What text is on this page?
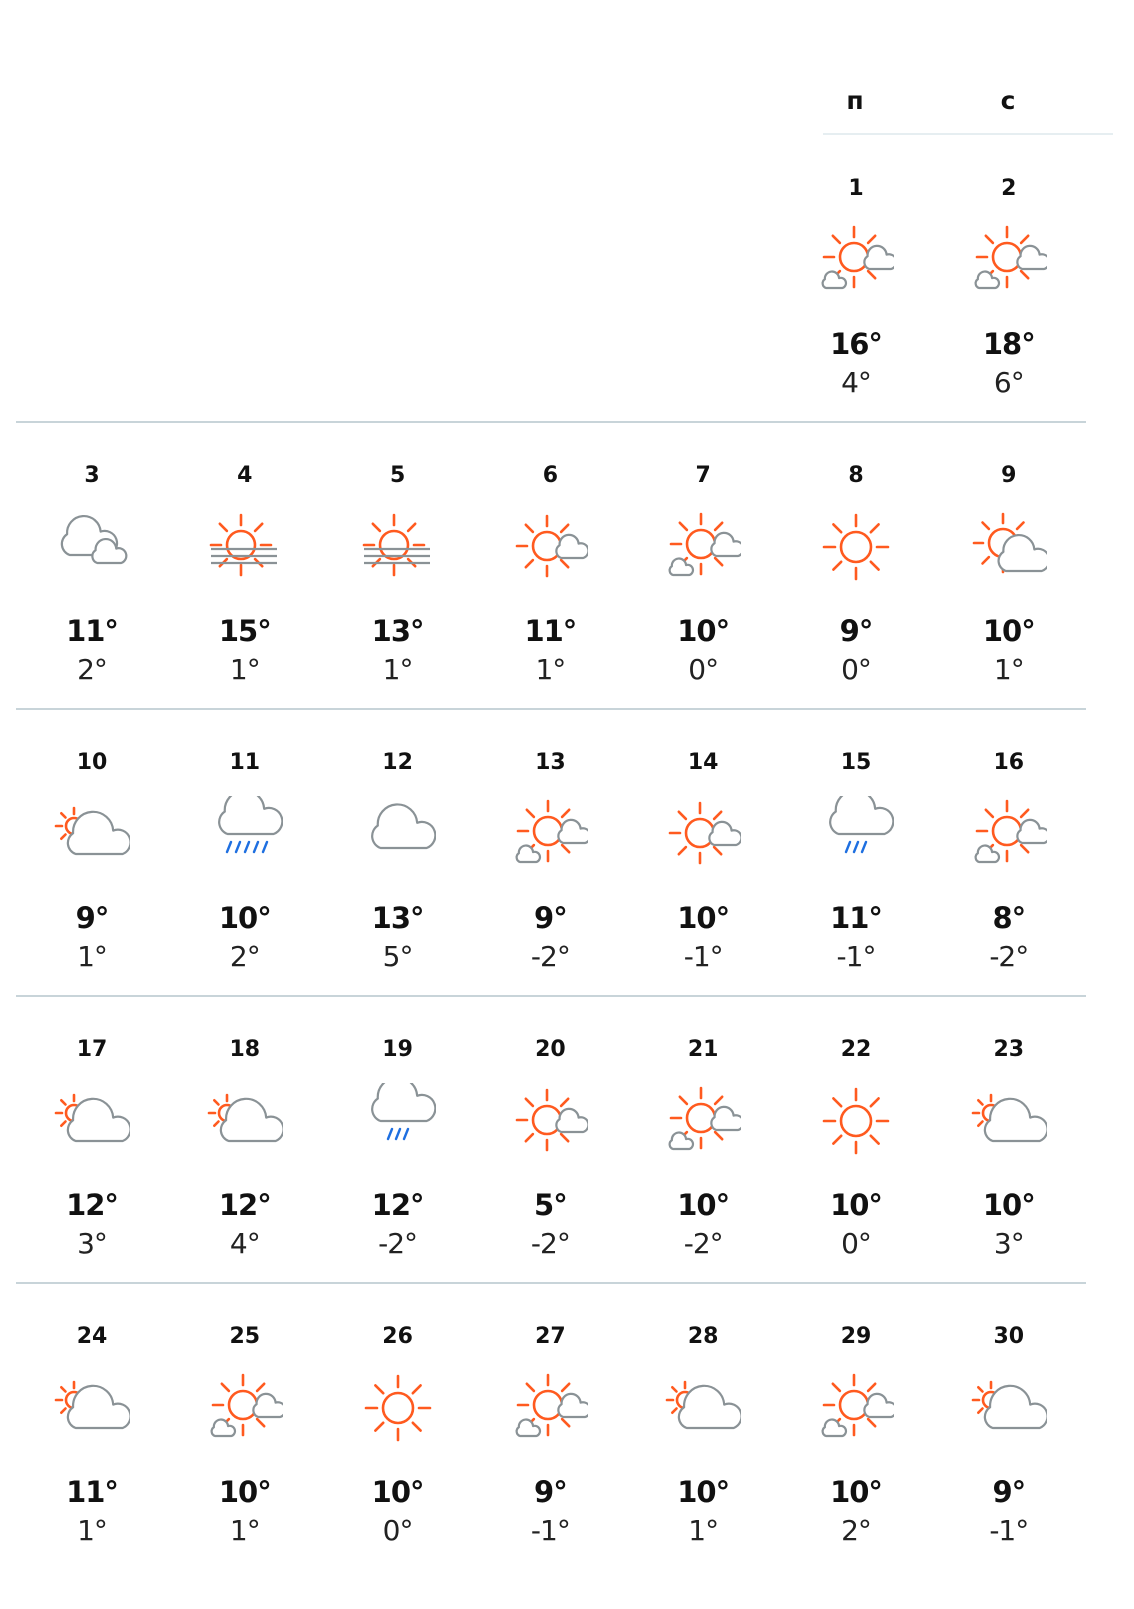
п	с
1
16°
4°
2
18°
6°
3
11°
2°
4
15°
1°
5
13°
1°
6
11°
1°
7
10°
0°
8
9°
0°
9
10°
1°
10
9°
1°
11
10°
2°
12
13°
5°
13
9°
-2°
14
10°
-1°
15
11°
-1°
16
8°
-2°
17
12°
3°
18
12°
4°
19
12°
-2°
20
5°
-2°
21
10°
-2°
22
10°
0°
23
10°
3°
24
11°
1°
25
10°
1°
26
10°
0°
27
9°
-1°
28
10°
1°
29
10°
2°
30
9°
-1°
